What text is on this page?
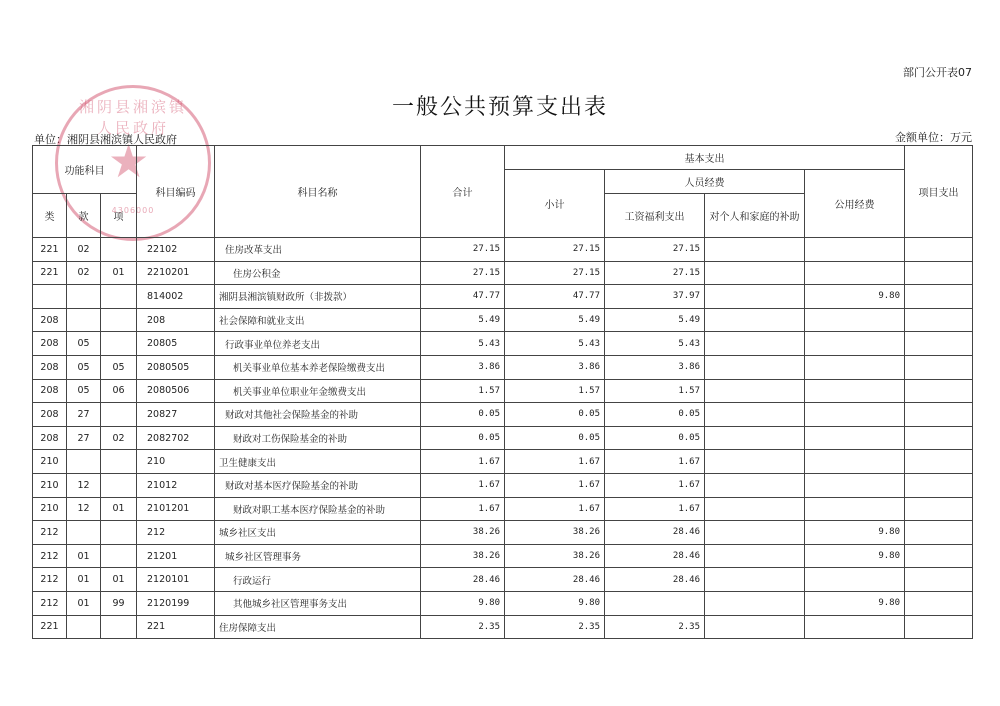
部门公开表07
一般公共预算支出表
单位：湘阴县湘滨镇人民政府	金额单位：万元
湘阴县湘滨镇人民政府
★
4306000
功能科目			科目编码	科目名称	合计	基本支出				项目支出
						小计	人员经费		公用经费	
类	款	项					工资福利支出	对个人和家庭的补助		
221	02		22102	住房改革支出	27.15	27.15	27.15			
221	02	01	2210201	住房公积金	27.15	27.15	27.15			
			814002	湘阴县湘滨镇财政所（非拨款）	47.77	47.77	37.97		9.80	
208			208	社会保障和就业支出	5.49	5.49	5.49			
208	05		20805	行政事业单位养老支出	5.43	5.43	5.43			
208	05	05	2080505	机关事业单位基本养老保险缴费支出	3.86	3.86	3.86			
208	05	06	2080506	机关事业单位职业年金缴费支出	1.57	1.57	1.57			
208	27		20827	财政对其他社会保险基金的补助	0.05	0.05	0.05			
208	27	02	2082702	财政对工伤保险基金的补助	0.05	0.05	0.05			
210			210	卫生健康支出	1.67	1.67	1.67			
210	12		21012	财政对基本医疗保险基金的补助	1.67	1.67	1.67			
210	12	01	2101201	财政对职工基本医疗保险基金的补助	1.67	1.67	1.67			
212			212	城乡社区支出	38.26	38.26	28.46		9.80	
212	01		21201	城乡社区管理事务	38.26	38.26	28.46		9.80	
212	01	01	2120101	行政运行	28.46	28.46	28.46			
212	01	99	2120199	其他城乡社区管理事务支出	9.80	9.80			9.80	
221			221	住房保障支出	2.35	2.35	2.35			
